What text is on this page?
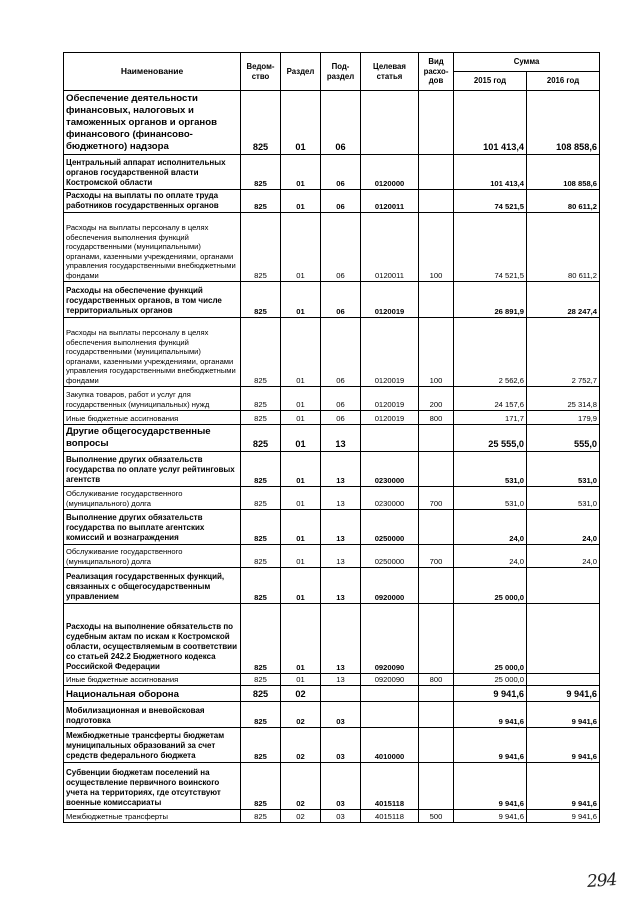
Наименование	Ведом-ство	Раздел	Под-раздел	Целевая статья	Вид расхо-дов	Сумма	
						2015 год	2016 год
Обеспечение деятельности финансовых, налоговых и таможенных органов и органов финансового (финансово-бюджетного) надзора	825	01	06			101 413,4	108 858,6
Центральный аппарат исполнительных органов государственной власти Костромской области	825	01	06	0120000		101 413,4	108 858,6
Расходы на выплаты по оплате труда работников государственных органов	825	01	06	0120011		74 521,5	80 611,2
Расходы на выплаты персоналу в целях обеспечения выполнения функций государственными (муниципальными) органами, казенными учреждениями, органами управления государственными внебюджетными фондами	825	01	06	0120011	100	74 521,5	80 611,2
Расходы на обеспечение функций государственных органов, в том числе территориальных органов	825	01	06	0120019		26 891,9	28 247,4
Расходы на выплаты персоналу в целях обеспечения выполнения функций государственными (муниципальными) органами, казенными учреждениями, органами управления государственными внебюджетными фондами	825	01	06	0120019	100	2 562,6	2 752,7
Закупка товаров, работ и услуг для государственных (муниципальных) нужд	825	01	06	0120019	200	24 157,6	25 314,8
Иные бюджетные ассигнования	825	01	06	0120019	800	171,7	179,9
Другие общегосударственные вопросы	825	01	13			25 555,0	555,0
Выполнение других обязательств государства по оплате услуг рейтинговых агентств	825	01	13	0230000		531,0	531,0
Обслуживание государственного (муниципального) долга	825	01	13	0230000	700	531,0	531,0
Выполнение других обязательств государства по выплате агентских комиссий и вознаграждения	825	01	13	0250000		24,0	24,0
Обслуживание государственного (муниципального) долга	825	01	13	0250000	700	24,0	24,0
Реализация государственных функций, связанных с общегосударственным управлением	825	01	13	0920000		25 000,0	
Расходы на выполнение обязательств по судебным актам по искам к Костромской области, осуществляемым в соответствии со статьей 242.2 Бюджетного кодекса Российской Федерации	825	01	13	0920090		25 000,0	
Иные бюджетные ассигнования	825	01	13	0920090	800	25 000,0	
Национальная оборона	825	02				9 941,6	9 941,6
Мобилизационная и вневойсковая подготовка	825	02	03			9 941,6	9 941,6
Межбюджетные трансферты бюджетам муниципальных образований за счет средств федерального бюджета	825	02	03	4010000		9 941,6	9 941,6
Субвенции бюджетам поселений на осуществление первичного воинского учета на территориях, где отсутствуют военные комиссариаты	825	02	03	4015118		9 941,6	9 941,6
Межбюджетные трансферты	825	02	03	4015118	500	9 941,6	9 941,6
294
